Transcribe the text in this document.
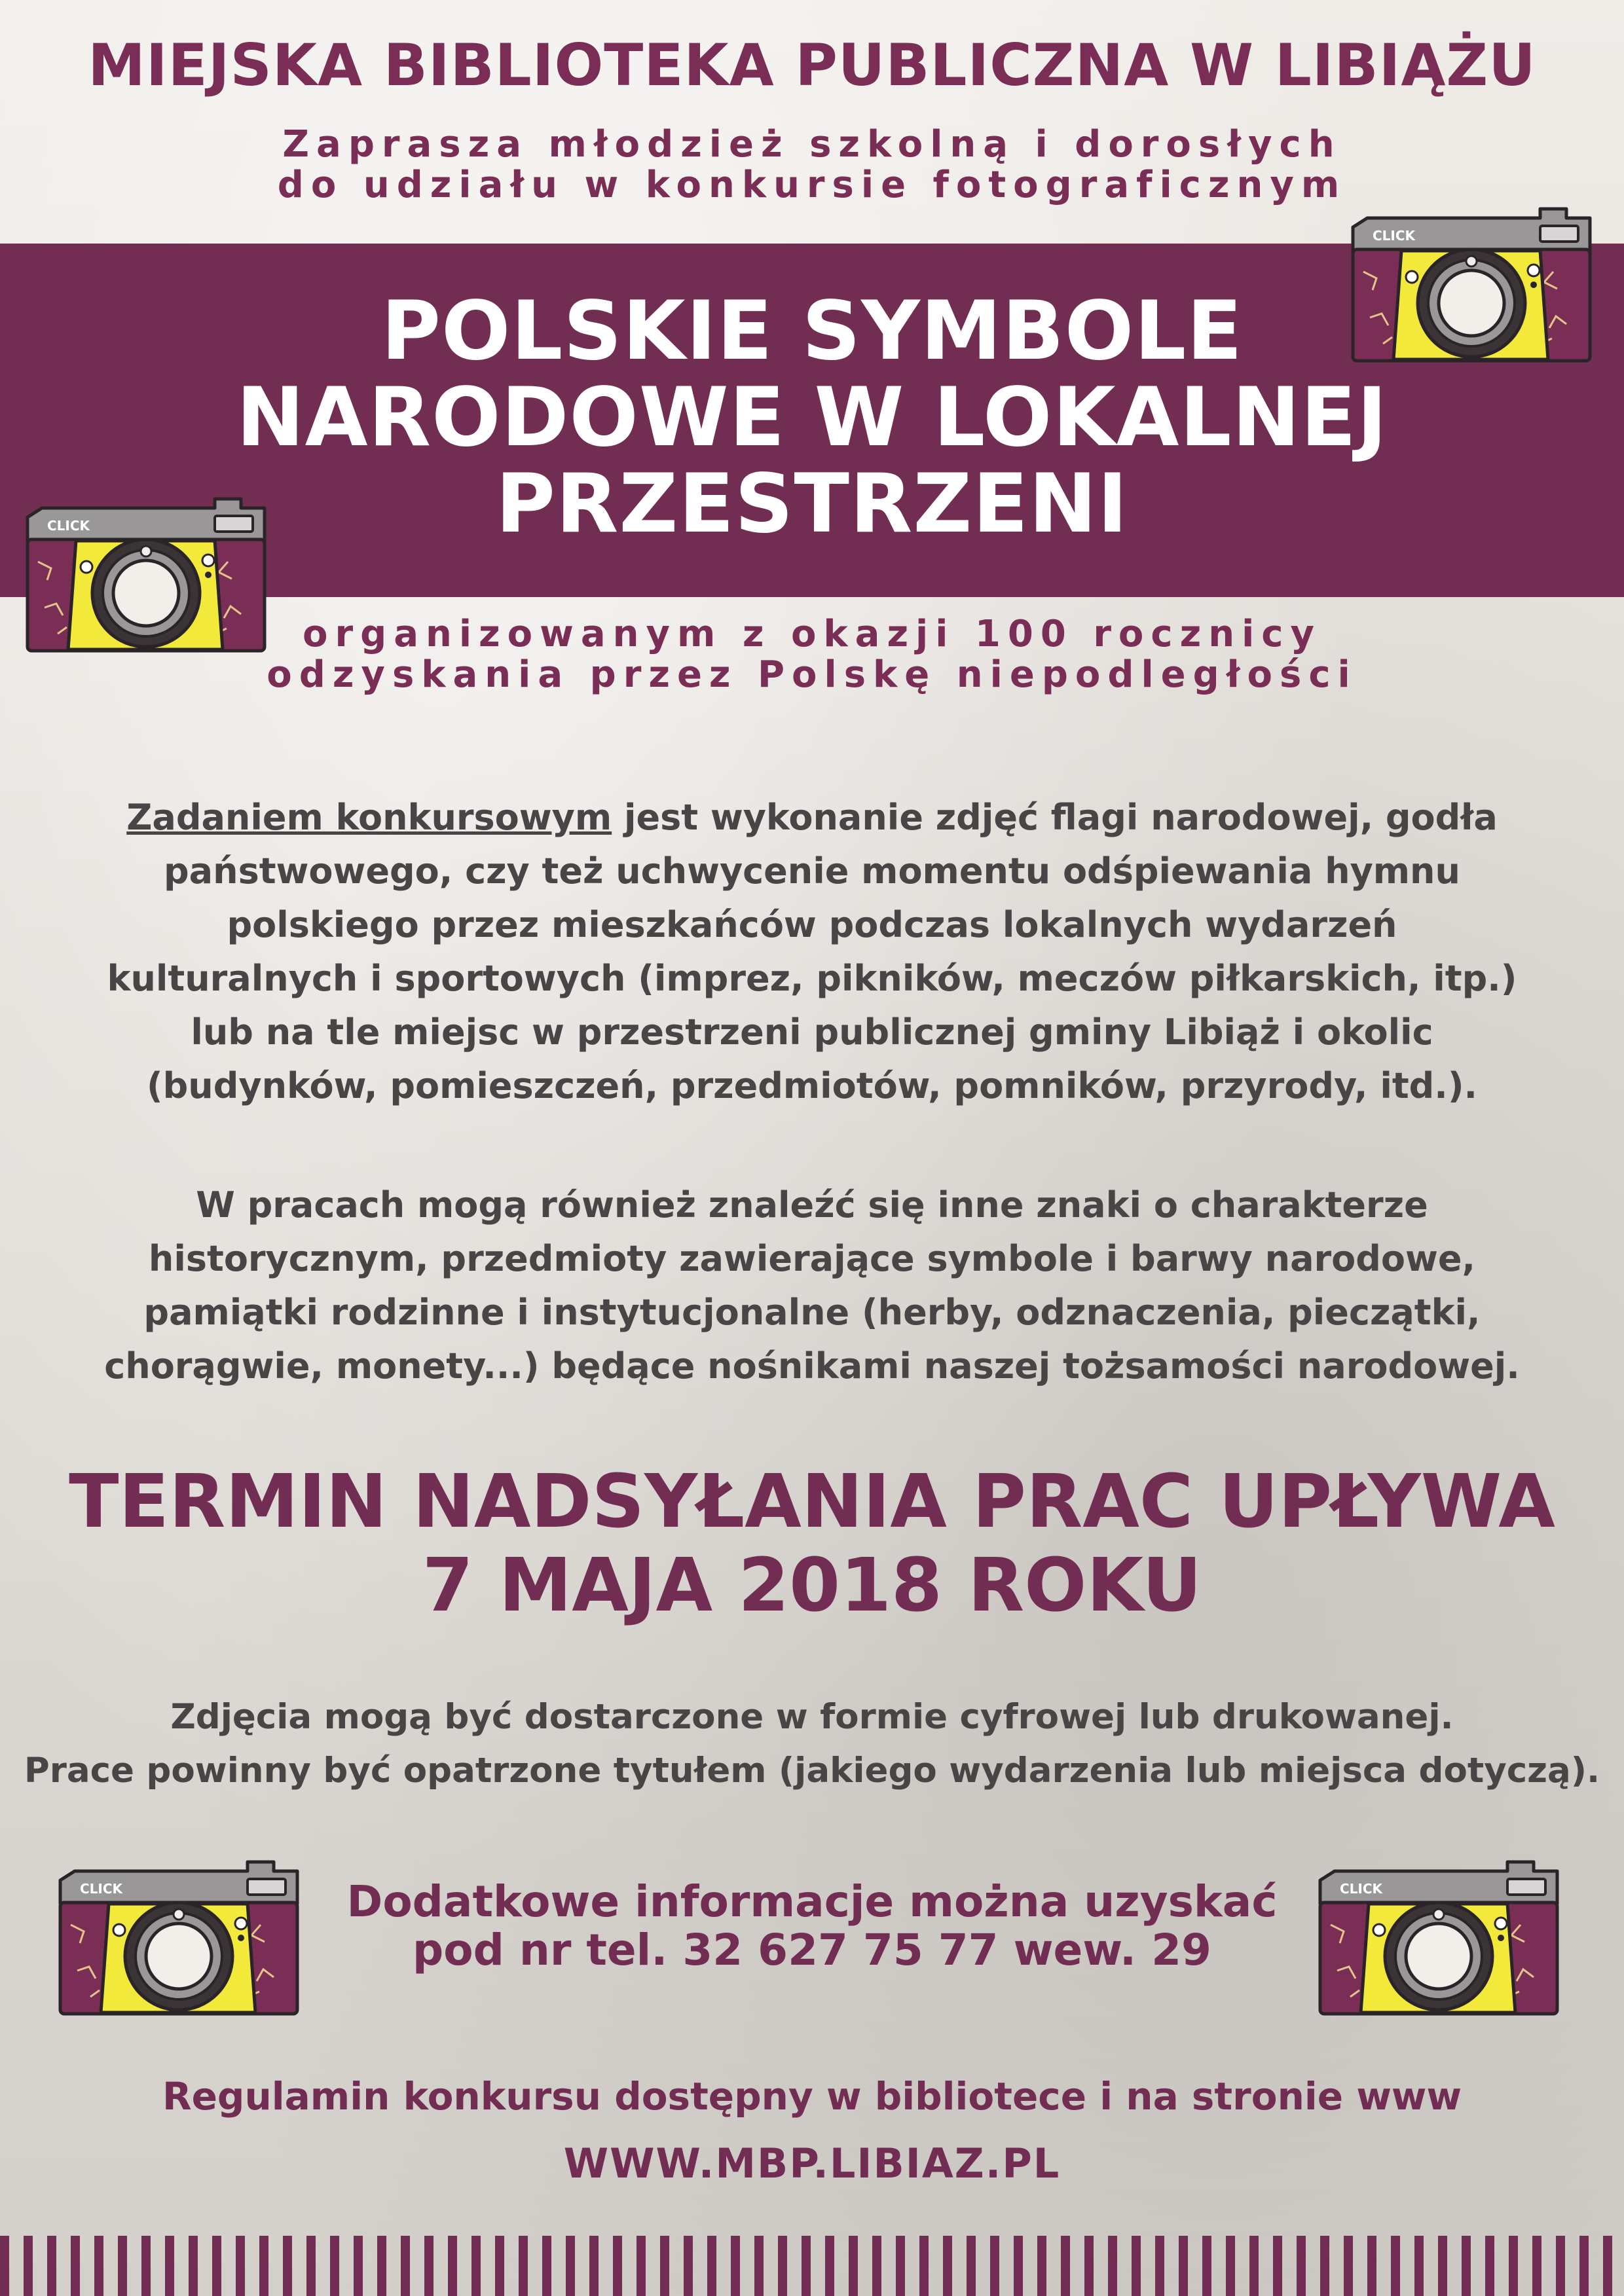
MIEJSKA BIBLIOTEKA PUBLICZNA W LIBIĄŻU

Zaprasza młodzież szkolną i dorosłych
do udziału w konkursie fotograficznym
POLSKIE SYMBOLE
NARODOWE W LOKALNEJ
PRZESTRZENI
organizowanym z okazji 100 rocznicy
odzyskania przez Polskę niepodległości
Zadaniem konkursowym jest wykonanie zdjęć flagi narodowej, godła
państwowego, czy też uchwycenie momentu odśpiewania hymnu
polskiego przez mieszkańców podczas lokalnych wydarzeń
kulturalnych i sportowych (imprez, pikników, meczów piłkarskich, itp.)
lub na tle miejsc w przestrzeni publicznej gminy Libiąż i okolic
(budynków, pomieszczeń, przedmiotów, pomników, przyrody, itd.).
W pracach mogą również znaleźć się inne znaki o charakterze
historycznym, przedmioty zawierające symbole i barwy narodowe,
pamiątki rodzinne i instytucjonalne (herby, odznaczenia, pieczątki,
chorągwie, monety...) będące nośnikami naszej tożsamości narodowej.
TERMIN NADSYŁANIA PRAC UPŁYWA
7 MAJA 2018 ROKU
Zdjęcia mogą być dostarczone w formie cyfrowej lub drukowanej.
Prace powinny być opatrzone tytułem (jakiego wydarzenia lub miejsca dotyczą).
Dodatkowe informacje można uzyskać
pod nr tel. 32 627 75 77 wew. 29
Regulamin konkursu dostępny w bibliotece i na stronie www
WWW.MBP.LIBIAZ.PL
CLICK
CLICK
CLICK	CLICK
